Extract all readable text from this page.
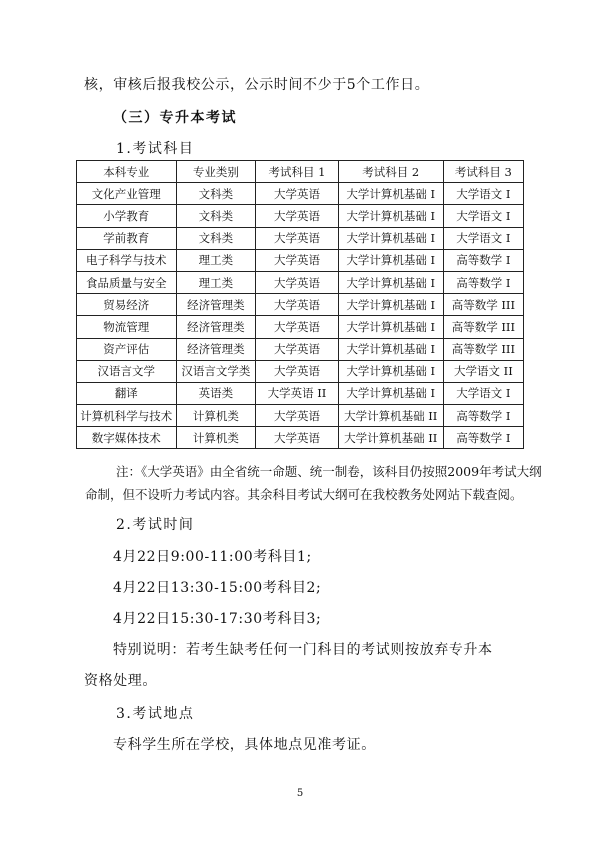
核，审核后报我校公示，公示时间不少于5个工作日。
（三）专升本考试
1.考试科目
本科专业	专业类别	考试科目 1	考试科目 2	考试科目 3
文化产业管理	文科类	大学英语	大学计算机基础 I	大学语文 I
小学教育	文科类	大学英语	大学计算机基础 I	大学语文 I
学前教育	文科类	大学英语	大学计算机基础 I	大学语文 I
电子科学与技术	理工类	大学英语	大学计算机基础 I	高等数学 I
食品质量与安全	理工类	大学英语	大学计算机基础 I	高等数学 I
贸易经济	经济管理类	大学英语	大学计算机基础 I	高等数学 III
物流管理	经济管理类	大学英语	大学计算机基础 I	高等数学 III
资产评估	经济管理类	大学英语	大学计算机基础 I	高等数学 III
汉语言文学	汉语言文学类	大学英语	大学计算机基础 I	大学语文 II
翻译	英语类	大学英语 II	大学计算机基础 I	大学语文 I
计算机科学与技术	计算机类	大学英语	大学计算机基础 II	高等数学 I
数字媒体技术	计算机类	大学英语	大学计算机基础 II	高等数学 I
注：《大学英语》由全省统一命题、统一制卷，该科目仍按照2009年考试大纲
命制，但不设听力考试内容。其余科目考试大纲可在我校教务处网站下载查阅。
2.考试时间
4月22日9:00-11:00考科目1;
4月22日13:30-15:00考科目2;
4月22日15:30-17:30考科目3;
特别说明：若考生缺考任何一门科目的考试则按放弃专升本
资格处理。
3.考试地点
专科学生所在学校，具体地点见准考证。
5
